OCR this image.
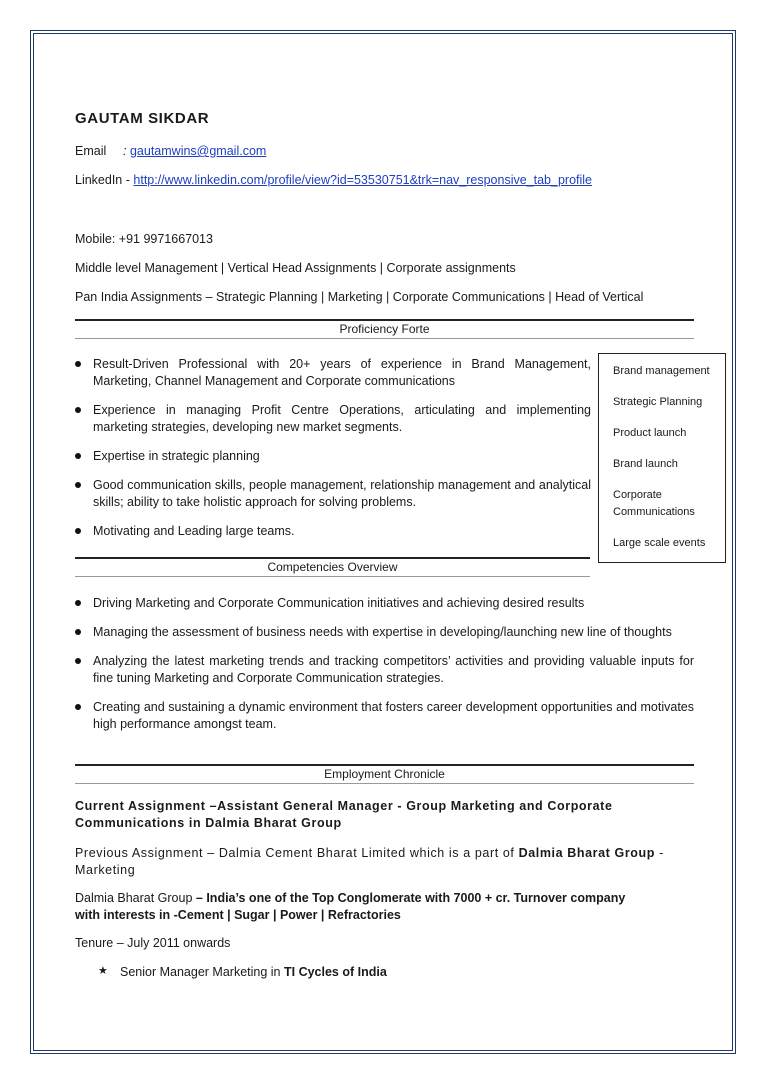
GAUTAM SIKDAR
Email : gautamwins@gmail.com
LinkedIn - http://www.linkedin.com/profile/view?id=53530751&trk=nav_responsive_tab_profile
Mobile: +91 9971667013
Middle level Management | Vertical Head Assignments | Corporate assignments
Pan India Assignments – Strategic Planning | Marketing | Corporate Communications | Head of Vertical
Proficiency Forte
Result-Driven Professional with 20+ years of experience in Brand Management, Marketing, Channel Management and Corporate communications
Experience in managing Profit Centre Operations, articulating and implementing marketing strategies, developing new market segments.
Expertise in strategic planning
Good communication skills, people management, relationship management and analytical skills; ability to take holistic approach for solving problems.
Motivating and Leading large teams.
Brand management
Strategic Planning
Product launch
Brand launch
Corporate
Communications
Large scale events
Competencies Overview
Driving Marketing and Corporate Communication initiatives and achieving desired results
Managing the assessment of business needs with expertise in developing/launching new line of thoughts
Analyzing the latest marketing trends and tracking competitors’ activities and providing valuable inputs for fine tuning Marketing and Corporate Communication strategies.
Creating and sustaining a dynamic environment that fosters career development opportunities and motivates high performance amongst team.
Employment Chronicle
Current Assignment –Assistant General Manager - Group Marketing and Corporate
Communications in Dalmia Bharat Group
Previous Assignment – Dalmia Cement Bharat Limited which is a part of Dalmia Bharat Group - Marketing
Dalmia Bharat Group – India’s one of the Top Conglomerate with 7000 + cr. Turnover company
with interests in -Cement | Sugar | Power | Refractories
Tenure – July 2011 onwards
★ Senior Manager Marketing in TI Cycles of India
